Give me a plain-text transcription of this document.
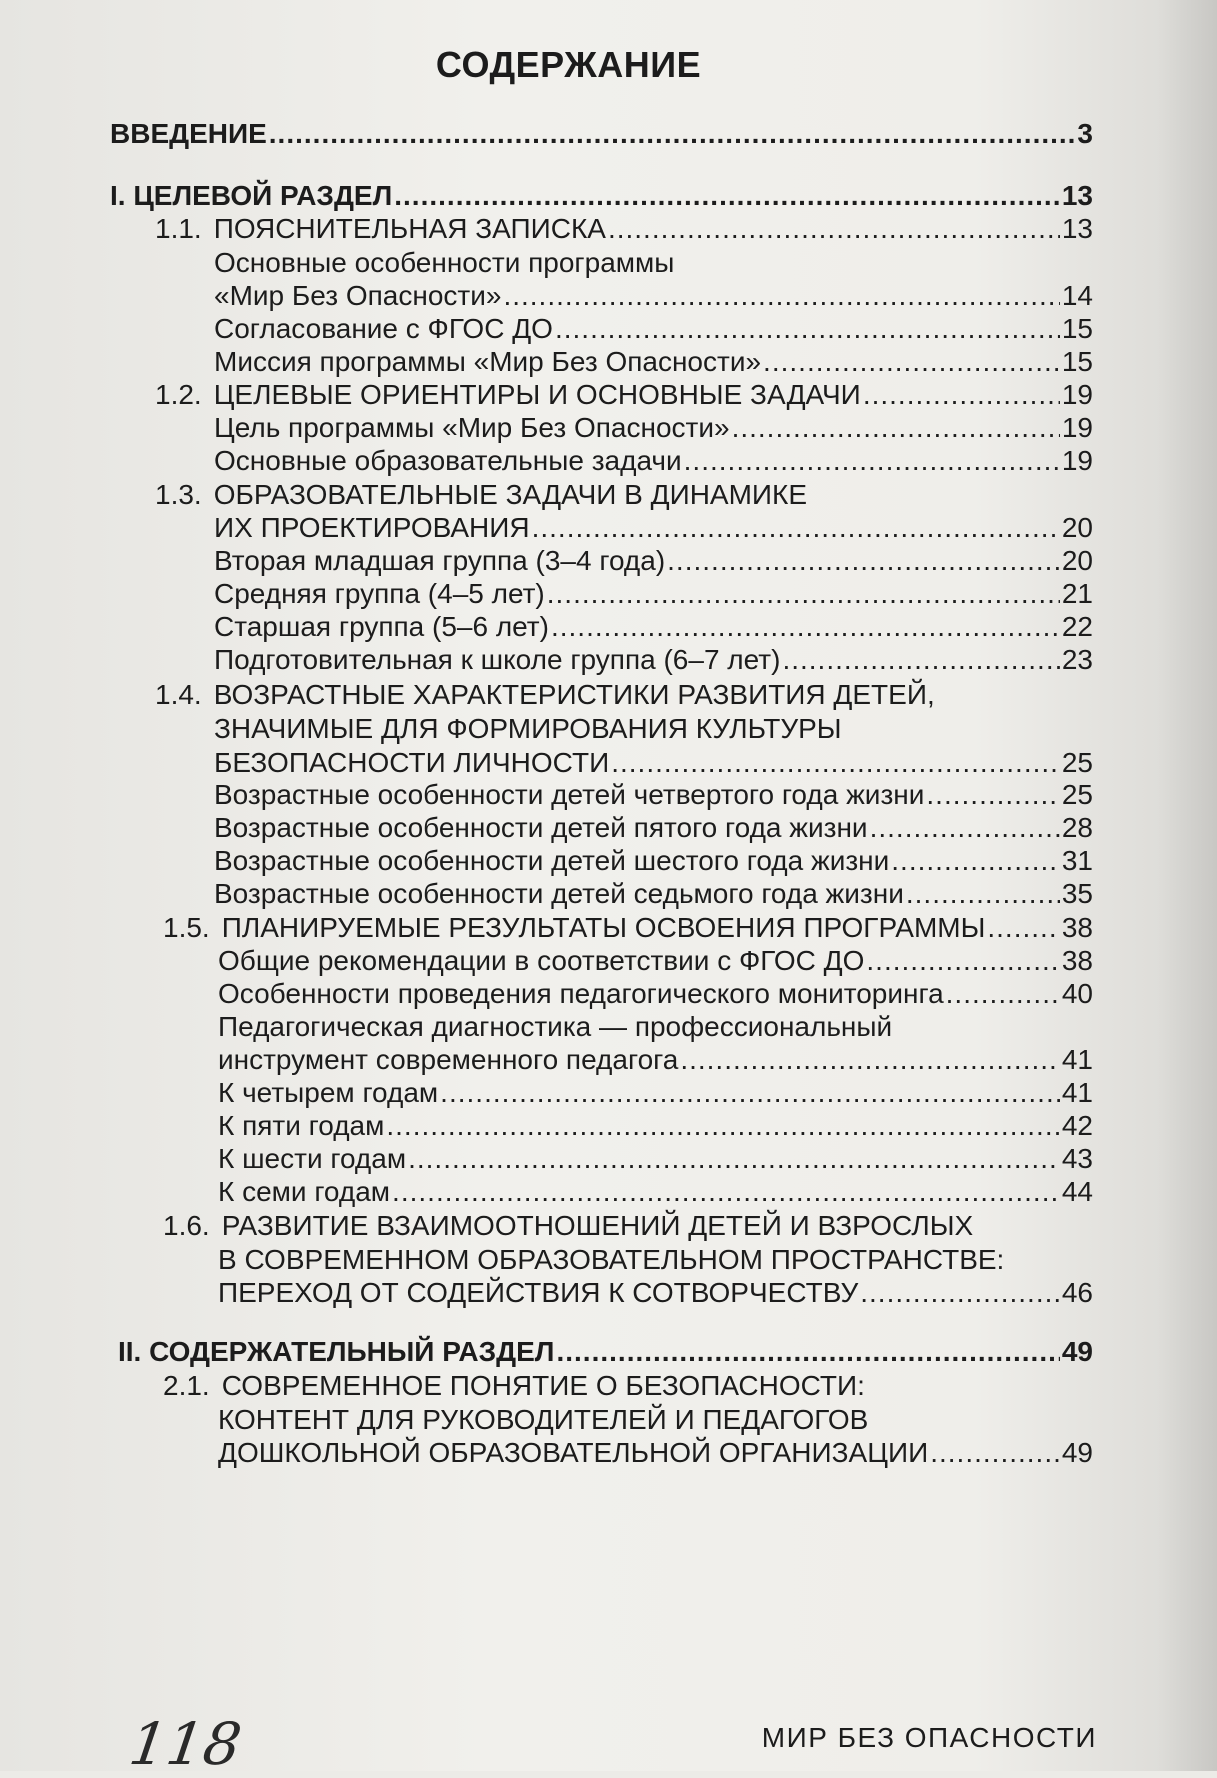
СОДЕРЖАНИЕ
ВВЕДЕНИЕ .....	3
I. ЦЕЛЕВОЙ РАЗДЕЛ .....	13
1.1. ПОЯСНИТЕЛЬНАЯ ЗАПИСКА .....	13
Основные особенности программы
«Мир Без Опасности» .....	14
Согласование с ФГОС ДО .....	15
Миссия программы «Мир Без Опасности» .....	15
1.2. ЦЕЛЕВЫЕ ОРИЕНТИРЫ И ОСНОВНЫЕ ЗАДАЧИ .....	19
Цель программы «Мир Без Опасности» .....	19
Основные образовательные задачи .....	19
1.3. ОБРАЗОВАТЕЛЬНЫЕ ЗАДАЧИ В ДИНАМИКЕ
ИХ ПРОЕКТИРОВАНИЯ .....	20
Вторая младшая группа (3–4 года) .....	20
Средняя группа (4–5 лет) .....	21
Старшая группа (5–6 лет) .....	22
Подготовительная к школе группа (6–7 лет) .....	23
1.4. ВОЗРАСТНЫЕ ХАРАКТЕРИСТИКИ РАЗВИТИЯ ДЕТЕЙ,
ЗНАЧИМЫЕ ДЛЯ ФОРМИРОВАНИЯ КУЛЬТУРЫ
БЕЗОПАСНОСТИ ЛИЧНОСТИ .....	25
Возрастные особенности детей четвертого года жизни .....	25
Возрастные особенности детей пятого года жизни .....	28
Возрастные особенности детей шестого года жизни .....	31
Возрастные особенности детей седьмого года жизни .....	35
1.5. ПЛАНИРУЕМЫЕ РЕЗУЛЬТАТЫ ОСВОЕНИЯ ПРОГРАММЫ .....	38
Общие рекомендации в соответствии с ФГОС ДО .....	38
Особенности проведения педагогического мониторинга .....	40
Педагогическая диагностика — профессиональный
инструмент современного педагога .....	41
К четырем годам .....	41
К пяти годам .....	42
К шести годам .....	43
К семи годам .....	44
1.6. РАЗВИТИЕ ВЗАИМООТНОШЕНИЙ ДЕТЕЙ И ВЗРОСЛЫХ
В СОВРЕМЕННОМ ОБРАЗОВАТЕЛЬНОМ ПРОСТРАНСТВЕ:
ПЕРЕХОД ОТ СОДЕЙСТВИЯ К СОТВОРЧЕСТВУ .....	46
II. СОДЕРЖАТЕЛЬНЫЙ РАЗДЕЛ .....	49
2.1. СОВРЕМЕННОЕ ПОНЯТИЕ О БЕЗОПАСНОСТИ:
КОНТЕНТ ДЛЯ РУКОВОДИТЕЛЕЙ И ПЕДАГОГОВ
ДОШКОЛЬНОЙ ОБРАЗОВАТЕЛЬНОЙ ОРГАНИЗАЦИИ .....	49
118	МИР БЕЗ ОПАСНОСТИ
